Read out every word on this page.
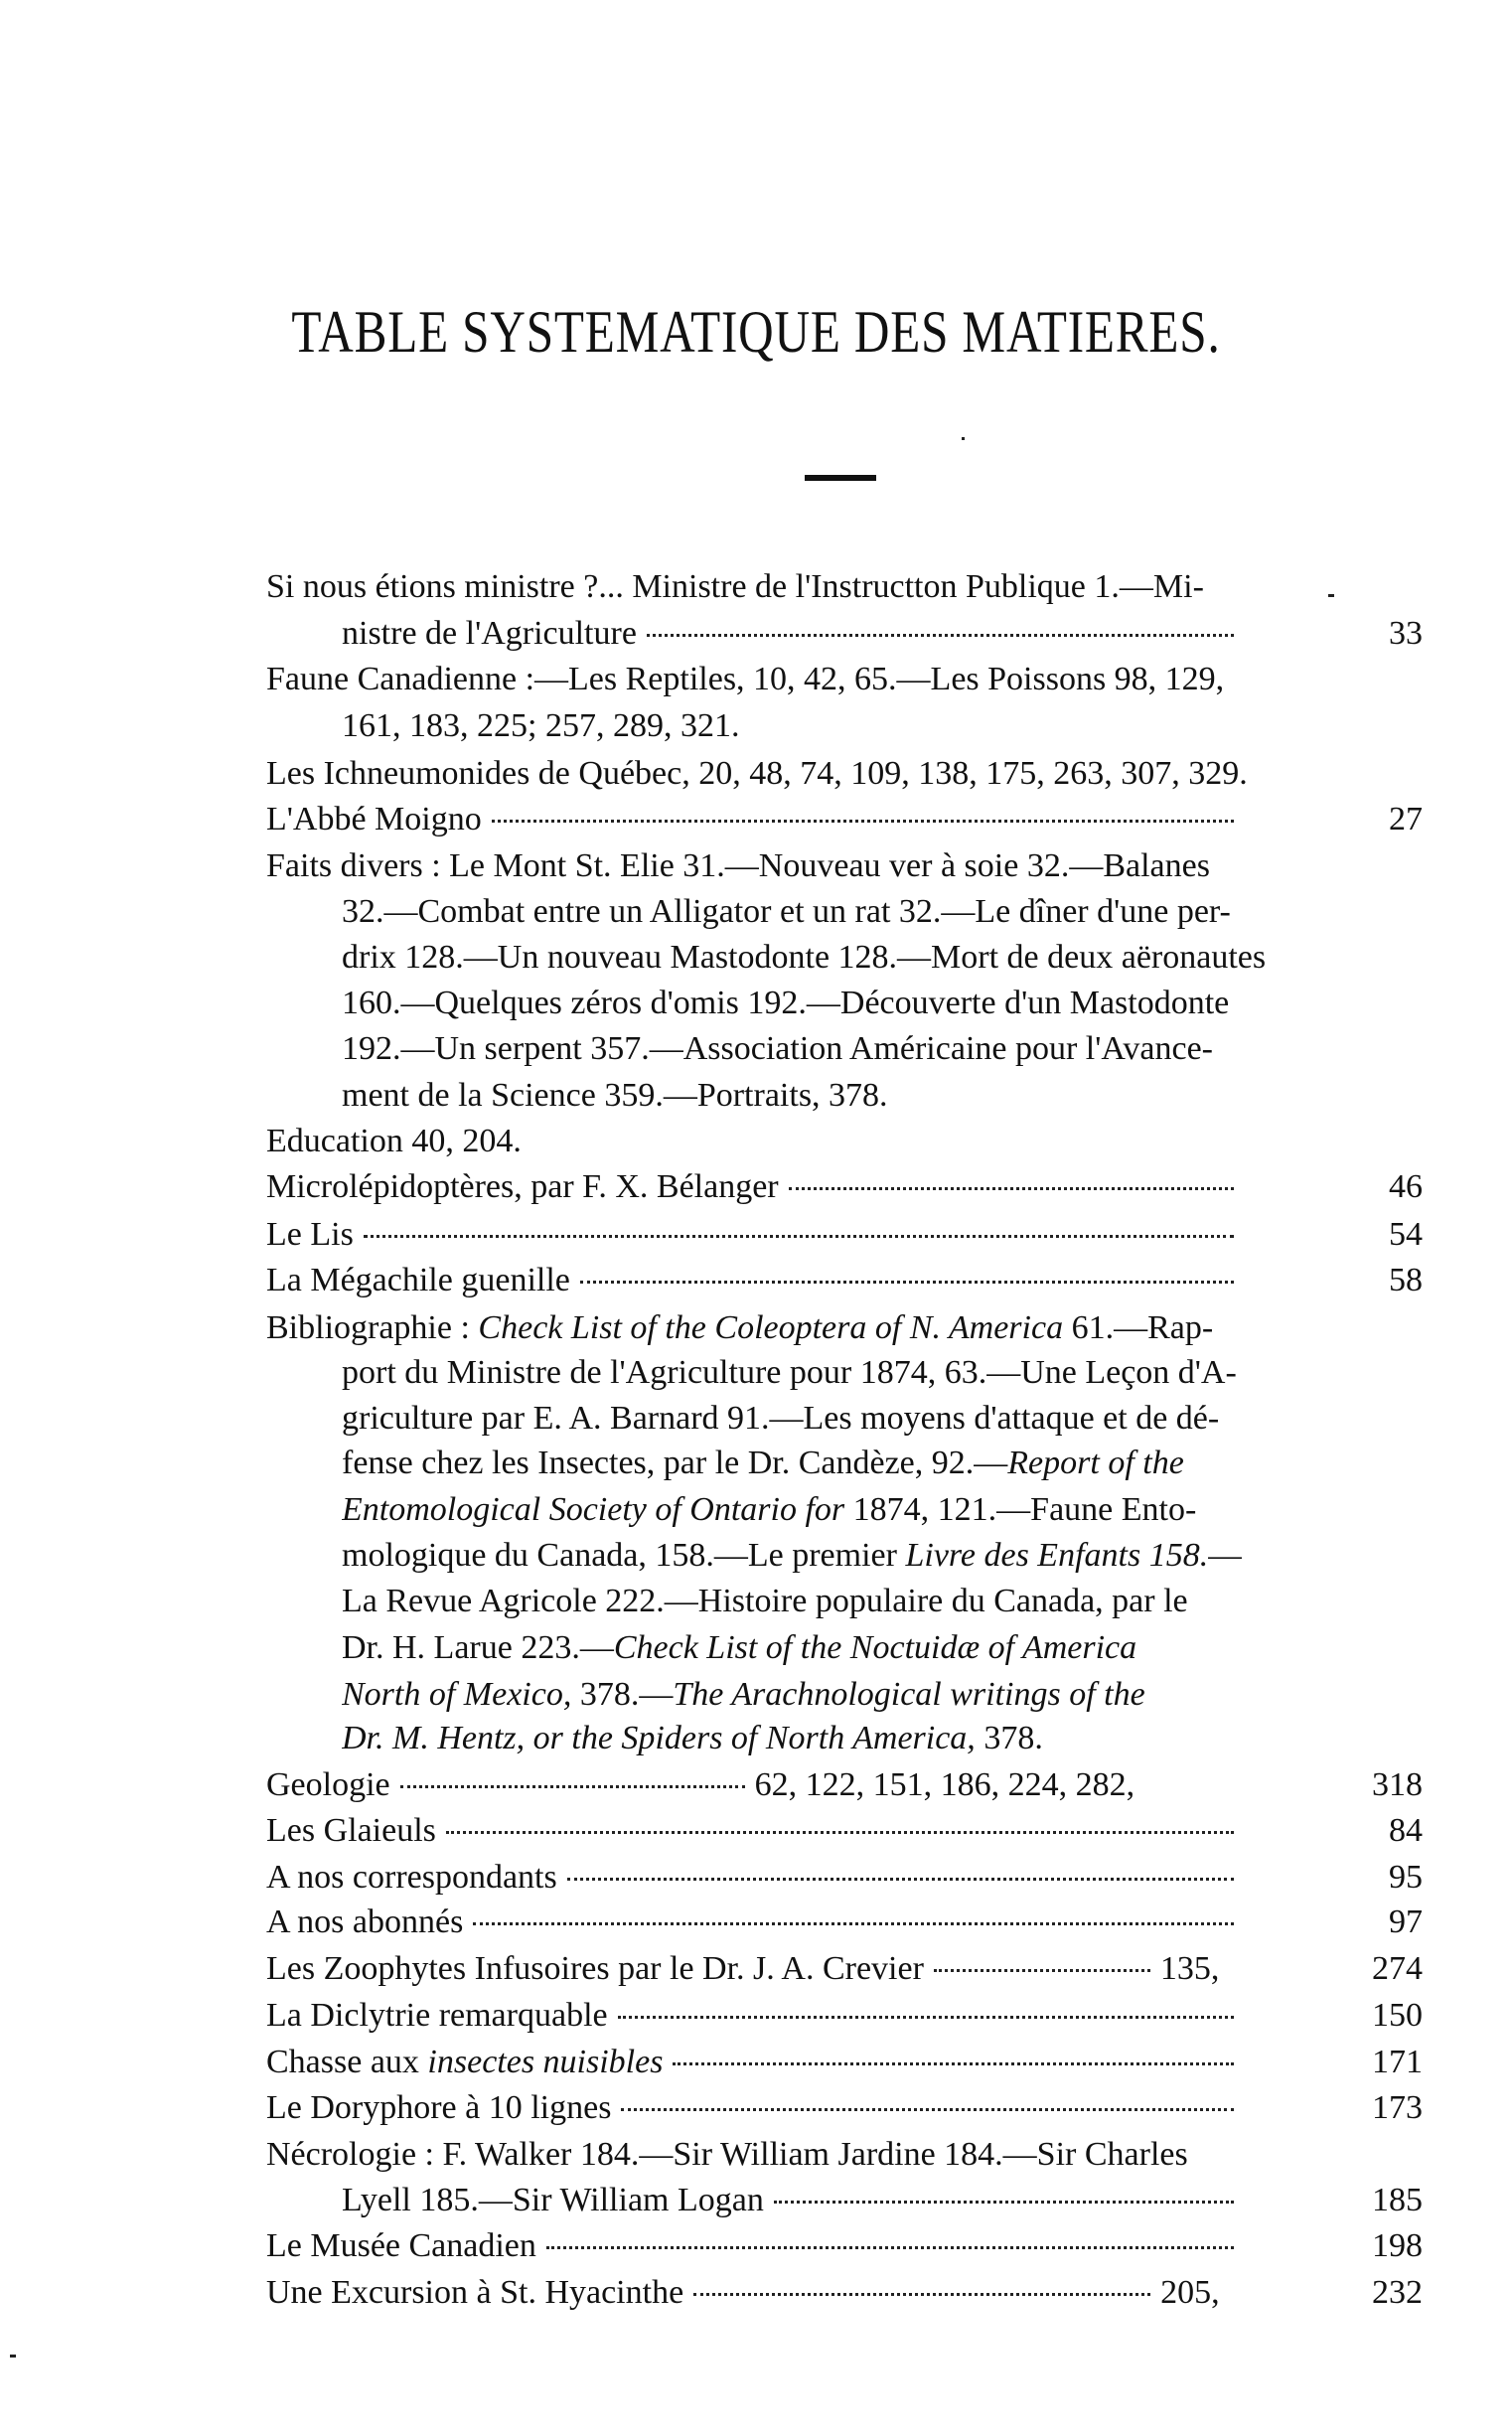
TABLE SYSTEMATIQUE DES MATIERES.
Si nous étions ministre ?... Ministre de l'Instructton Publique 1.—Mi-
nistre de l'Agriculture	33
Faune Canadienne :—Les Reptiles, 10, 42, 65.—Les Poissons 98, 129,
161, 183, 225; 257, 289, 321.
Les Ichneumonides de Québec, 20, 48, 74, 109, 138, 175, 263, 307, 329.
L'Abbé Moigno	27
Faits divers : Le Mont St. Elie 31.—Nouveau ver à soie 32.—Balanes
32.—Combat entre un Alligator et un rat 32.—Le dîner d'une per-
drix 128.—Un nouveau Mastodonte 128.—Mort de deux aëronautes
160.—Quelques zéros d'omis 192.—Découverte d'un Mastodonte
192.—Un serpent 357.—Association Américaine pour l'Avance-
ment de la Science 359.—Portraits, 378.
Education 40, 204.
Microlépidoptères, par F. X. Bélanger	46
Le Lis	54
La Mégachile guenille	58
Bibliographie : Check List of the Coleoptera of N. America 61.—Rap-
port du Ministre de l'Agriculture pour 1874, 63.—Une Leçon d'A-
griculture par E. A. Barnard 91.—Les moyens d'attaque et de dé-
fense chez les Insectes, par le Dr. Candèze, 92.—Report of the
Entomological Society of Ontario for 1874, 121.—Faune Ento-
mologique du Canada, 158.—Le premier Livre des Enfants 158.—
La Revue Agricole 222.—Histoire populaire du Canada, par le
Dr. H. Larue 223.—Check List of the Noctuidæ of America
North of Mexico, 378.—The Arachnological writings of the
Dr. M. Hentz, or the Spiders of North America, 378.
Geologie	62, 122, 151, 186, 224, 282,	318
Les Glaieuls	84
A nos correspondants	95
A nos abonnés	97
Les Zoophytes Infusoires par le Dr. J. A. Crevier	135,	274
La Diclytrie remarquable	150
Chasse aux insectes nuisibles	171
Le Doryphore à 10 lignes	173
Nécrologie : F. Walker 184.—Sir William Jardine 184.—Sir Charles
Lyell 185.—Sir William Logan	185
Le Musée Canadien	198
Une Excursion à St. Hyacinthe	205,	232
